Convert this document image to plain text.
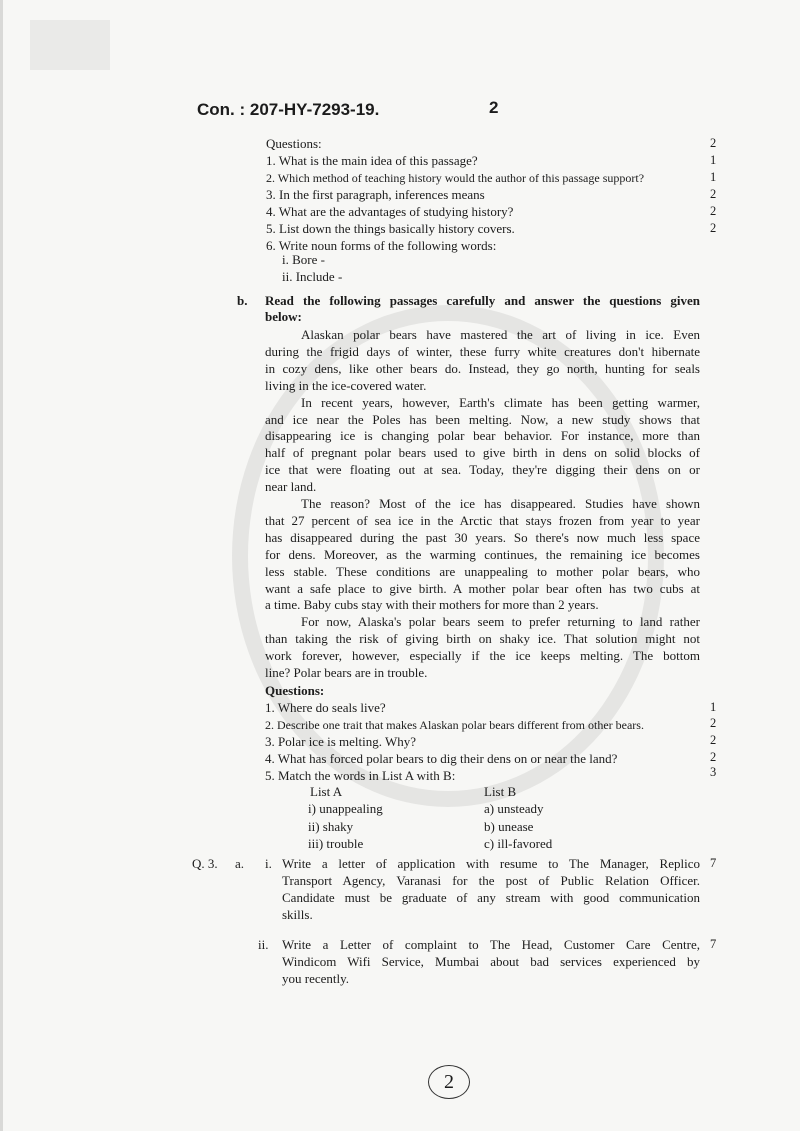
Con. : 207-HY-7293-19.	2
Questions:	2
1. What is the main idea of this passage?	1
2. Which method of teaching history would the author of this passage support?	1
3. In the first paragraph, inferences means	2
4. What are the advantages of studying history?	2
5. List down the things basically history covers.	2
6. Write noun forms of the following words:
i. Bore -
ii. Include -
b. Read the following passages carefully and answer the questions given
below:
Alaskan polar bears have mastered the art of living in ice. Even
during the frigid days of winter, these furry white creatures don't hibernate
in cozy dens, like other bears do. Instead, they go north, hunting for seals
living in the ice-covered water.
In recent years, however, Earth's climate has been getting warmer,
and ice near the Poles has been melting. Now, a new study shows that
disappearing ice is changing polar bear behavior. For instance, more than
half of pregnant polar bears used to give birth in dens on solid blocks of
ice that were floating out at sea. Today, they're digging their dens on or
near land.
The reason? Most of the ice has disappeared. Studies have shown
that 27 percent of sea ice in the Arctic that stays frozen from year to year
has disappeared during the past 30 years. So there's now much less space
for dens. Moreover, as the warming continues, the remaining ice becomes
less stable. These conditions are unappealing to mother polar bears, who
want a safe place to give birth. A mother polar bear often has two cubs at
a time. Baby cubs stay with their mothers for more than 2 years.
For now, Alaska's polar bears seem to prefer returning to land rather
than taking the risk of giving birth on shaky ice. That solution might not
work forever, however, especially if the ice keeps melting. The bottom
line? Polar bears are in trouble.
Questions:
1. Where do seals live?	1
2. Describe one trait that makes Alaskan polar bears different from other bears.	2
3. Polar ice is melting. Why?	2
4. What has forced polar bears to dig their dens on or near the land?	2
5. Match the words in List A with B:	3
List A	List B
i) unappealing	a) unsteady
ii) shaky	b) unease
iii) trouble	c) ill-favored
Q. 3. a. i.	7
Write a letter of application with resume to The Manager, Replico
Transport Agency, Varanasi for the post of Public Relation Officer.
Candidate must be graduate of any stream with good communication
skills.
ii.	7
Write a Letter of complaint to The Head, Customer Care Centre,
Windicom Wifi Service, Mumbai about bad services experienced by
you recently.
2
